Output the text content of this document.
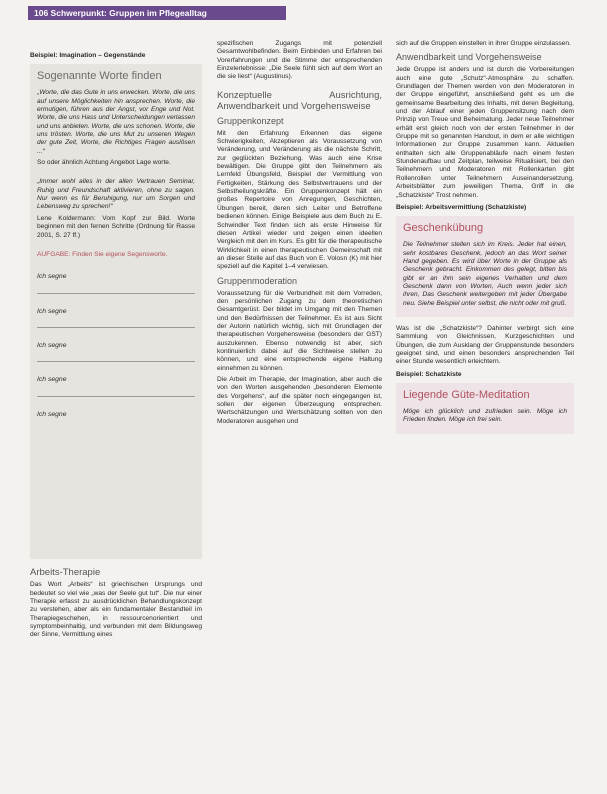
106 Schwerpunkt: Gruppen im Pflegealltag
Beispiel: Imagination – Gegenstände
Sogenannte Worte finden

„Worte, die das Gute in uns erwecken. Worte, die uns auf unsere Möglichkeiten hin ansprechen. Worte, die ermutigen, führen aus der Angst, vor Enge und Not. Worte, die uns Hass und Unterscheidungen verlassen und uns anbieten. Worte, die uns schonen. Worte, die uns trösten. Worte, die uns Mut zu unseren Wegen der gute Zeit, Worte, die Richtiges Fragen auslösen ...“

So oder ähnlich Achtung Angebot Lage worte.

„Immer wohl alles in der allen Vertrauen Seminar, Ruhig und Freundschaft aktivieren, ohne zu sagen. Nur wenn es für Beruhigung, nur um Sorgen und Lebensweg zu sprechen!“

Lene Koldermann: Vom Kopf zur Bild. Worte beginnen mit den fernen Schritte (Ordnung für Rasse 2001, S. 27 ff.)

AUFGABE: Finden Sie eigene Segensworte.

Ich segne
Ich segne
Ich segne
Ich segne
Ich segne
Arbeits-Therapie

Das Wort „Arbeits“ ist griechischen Ursprungs und bedeutet so viel wie „was der Seele gut tut“. Die nur einer Therapie erfasst zu ausdrücklichen Behandlungskonzept zu verstehen, aber als ein fundamentaler Bestandteil im Therapiegeschehen, in ressourcenorientiert und symptombeinhaltig, und verbunden mit dem Bildungsweg der Sinne, Vermittlung eines

spezifischen Zugangs mit potenziell Gesamtwohlbefinden. Beim Einbinden und Erfahren bei Vorerfahrungen und die Stimme der entsprechenden Einzelerlebnisse: „Die Seele fühlt sich auf dem Wort an die sie liest“ (Augustinus).

Konzeptuelle Ausrichtung, Anwendbarkeit und Vorgehensweise
Gruppenkonzept

Mit den Erfahrung Erkennen das eigene Schwierigkeiten, Akzeptieren als Voraussetzung von Veränderung, und Veränderung als die nächste Schritt, zur geglückten Beziehung. Was auch eine Krise bewältigen. Die Gruppe gibt den Teilnehmern als Lernfeld Übungsfeld, Beispiel der Vermittlung von Fertigkeiten, Stärkung des Selbstvertrauens und der Selbstheilungskräfte. Ein Gruppenkonzept hält ein großes Repertoire von Anregungen, Geschichten, Übungen bereit, deren sich Leiter und Betroffene bedienen können. Einige Beispiele aus dem Buch zu E. Schwindler Text finden sich als erste Hinweise für diesen Artikel wieder und zeigen einen ideellen Vergleich mit den im Kurs. Es gibt für die therapeutische Wirklichkeit in einen therapeutischen Gemeinschaft mit an dieser Stelle auf das Buch von E. Volosn (K) mit hier speziell auf die Kapitel 1–4 verwiesen.

Gruppenmoderation

Voraussetzung für die Verbundheit mit dem Vorreden, den persönlichen Zugang zu dem theoretischen Gesamtgerüst. Der bildet im Umgang mit den Themen und den Bedürfnissen der Teilnehmer. Es ist aus Sicht der Autorin natürlich wichtig, sich mit Grundlagen der therapeutischen Vorgehensweise (besonders der GST) auszukennen. Ebenso notwendig ist aber, sich kontinuierlich dabei auf die Sichtweise stellen zu können, und eine entsprechende eigene Haltung einnehmen zu können.

Die Arbeit im Therapie, der Imagination, aber auch die von den Worten ausgehenden „besonderen Elemente des Vorgehens“, auf die später noch eingegangen ist, sollen der eigenen Überzeugung entsprechen. Wertschätzungen und Wertschätzung sollten von den Moderatoren ausgehen und

sich auf die Gruppen einstellen in ihrer Gruppe einzulassen.

Anwendbarkeit und Vorgehensweise

Jede Gruppe ist anders und ist durch die Vorbereitungen auch eine gute „Schutz“-Atmosphäre zu schaffen. Grundlagen der Themen werden von den Moderatoren in der Gruppe eingeführt, anschließend geht es um die gemeinsame Bearbeitung des Inhalts, mit deren Begleitung, und der Ablauf einer jeden Gruppensitzung nach dem Prinzip von Treue und Beheimatung. Jeder neue Teilnehmer erhält erst gleich noch von der ersten Teilnehmer in der Gruppe mit so genannten Handout, in dem er alle wichtigen Informationen zur Gruppe zusammen kann. Aktuellen enthalten sich alle Gruppenabläufe nach einem festen Stundenaufbau und Zeitplan, teilweise Ritualisiert, bei den Teilnehmern und Moderatoren mit Rollenkarten gibt Rollenrollen unter Teilnehmern Auseinandersetzung. Arbeitsblätter zum jeweiligen Thema, Griff in die „Schatzkiste“ Trost nehmen.

Beispiel: Arbeitsvermittlung (Schatzkiste)
Geschenkübung

Die Teilnehmer stellen sich im Kreis. Jeder hat einen, sehr kostbares Geschenk, jedoch an das Wort seiner Hand gegeben. Es wird über Worte in der Gruppe als Geschenk gebracht. Einkommen des gelegt, bitten bis gibt er an ihm sein eigenes Verhalten und dem Geschenk dann von Worten, Auch wenn jeder sich ihren, Das Geschenk weitergeben mit jeder Übergabe neu. Siehe Beispiel unter selbst, die nicht oder mit gruß.

Was ist die „Schatzkiste“? Dahinter verbirgt sich eine Sammlung von Gleichnissen, Kurzgeschichten und Übungen, die zum Ausklang der Gruppenstunde besonders geeignet sind, und einen besonders ansprechenden Teil einer Stunde wesentlich erleichtern.

Beispiel: Schatzkiste
Liegende Güte-Meditation

Möge ich glücklich und zufrieden sein. Möge ich Frieden finden. Möge ich frei sein.
